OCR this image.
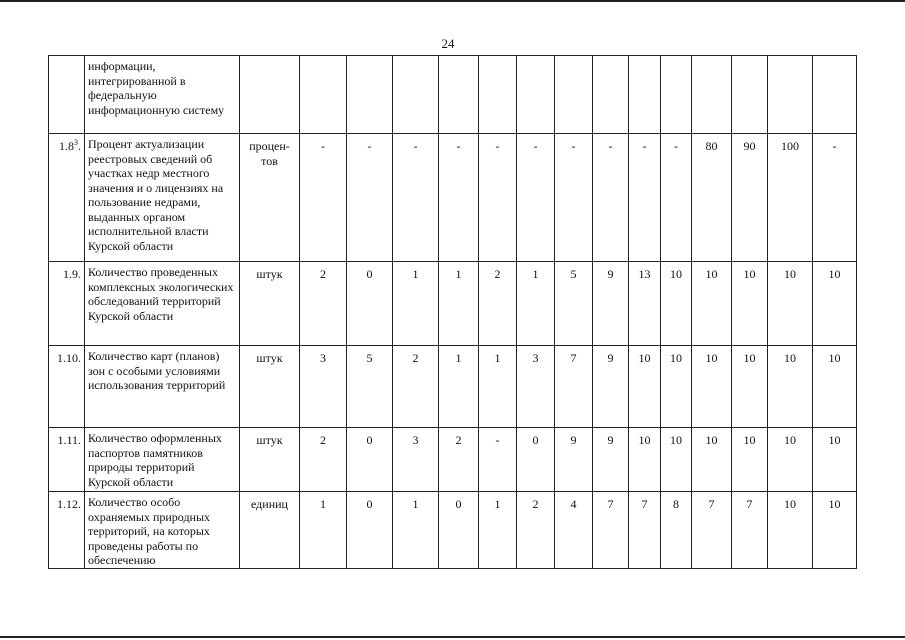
24
	информации, интегрированной в федеральную информационную систему															
$1.8^3$.	Процент актуализации реестровых сведений об участках недр местного значения и о лицензиях на пользование недрами, выданных органом исполнительной власти Курской области	процен-тов	-	-	-	-	-	-	-	-	-	-	80	90	100	-
1.9.	Количество проведенных комплексных экологических обследований территорий Курской области	штук	2	0	1	1	2	1	5	9	13	10	10	10	10	10
1.10.	Количество карт (планов) зон с особыми условиями использования территорий	штук	3	5	2	1	1	3	7	9	10	10	10	10	10	10
1.11.	Количество оформленных паспортов памятников природы территорий Курской области	штук	2	0	3	2	-	0	9	9	10	10	10	10	10	10
1.12.	Количество особо охраняемых природных территорий, на которых проведены работы по обеспечению	единиц	1	0	1	0	1	2	4	7	7	8	7	7	10	10
